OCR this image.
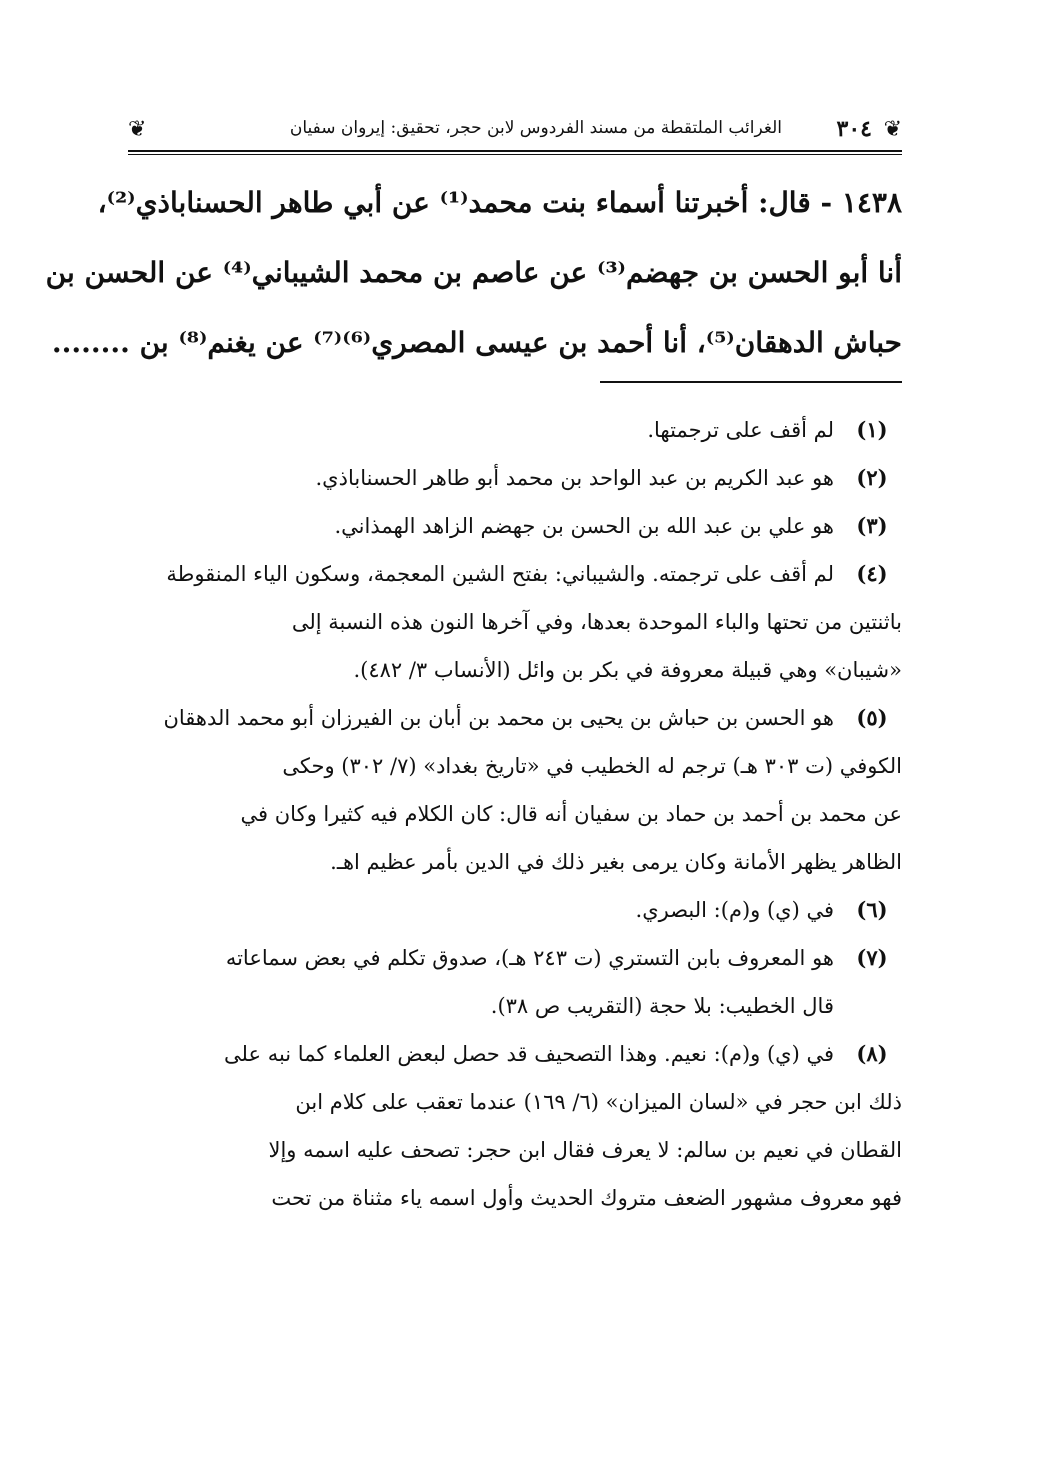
❦
٣٠٤
الغرائب الملتقطة من مسند الفردوس لابن حجر، تحقيق: إيروان سفيان
❦
١٤٣٨ - قال: أخبرتنا أسماء بنت محمد⁽¹⁾ عن أبي طاهر الحسناباذي⁽²⁾،
أنا أبو الحسن بن جهضم⁽³⁾ عن عاصم بن محمد الشيباني⁽⁴⁾ عن الحسن بن
حباش الدهقان⁽⁵⁾، أنا أحمد بن عيسى المصري⁽⁶⁾⁽⁷⁾ عن يغنم⁽⁸⁾ بن ........
(١)
لم أقف على ترجمتها.
(٢)
هو عبد الكريم بن عبد الواحد بن محمد أبو طاهر الحسناباذي.
(٣)
هو علي بن عبد الله بن الحسن بن جهضم الزاهد الهمذاني.
(٤)
لم أقف على ترجمته. والشيباني: بفتح الشين المعجمة، وسكون الياء المنقوطة
باثنتين من تحتها والباء الموحدة بعدها، وفي آخرها النون هذه النسبة إلى
«شيبان» وهي قبيلة معروفة في بكر بن وائل (الأنساب ٣/ ٤٨٢).
(٥)
هو الحسن بن حباش بن يحيى بن محمد بن أبان بن الفيرزان أبو محمد الدهقان
الكوفي (ت ٣٠٣ هـ) ترجم له الخطيب في «تاريخ بغداد» (٧/ ٣٠٢) وحكى
عن محمد بن أحمد بن حماد بن سفيان أنه قال: كان الكلام فيه كثيرا وكان في
الظاهر يظهر الأمانة وكان يرمى بغير ذلك في الدين بأمر عظيم اهـ.
(٦)
في (ي) و(م): البصري.
(٧)
هو المعروف بابن التستري (ت ٢٤٣ هـ)، صدوق تكلم في بعض سماعاته
قال الخطيب: بلا حجة (التقريب ص ٣٨).
(٨)
في (ي) و(م): نعيم. وهذا التصحيف قد حصل لبعض العلماء كما نبه على
ذلك ابن حجر في «لسان الميزان» (٦/ ١٦٩) عندما تعقب على كلام ابن
القطان في نعيم بن سالم: لا يعرف فقال ابن حجر: تصحف عليه اسمه وإلا
فهو معروف مشهور الضعف متروك الحديث وأول اسمه ياء مثناة من تحت
